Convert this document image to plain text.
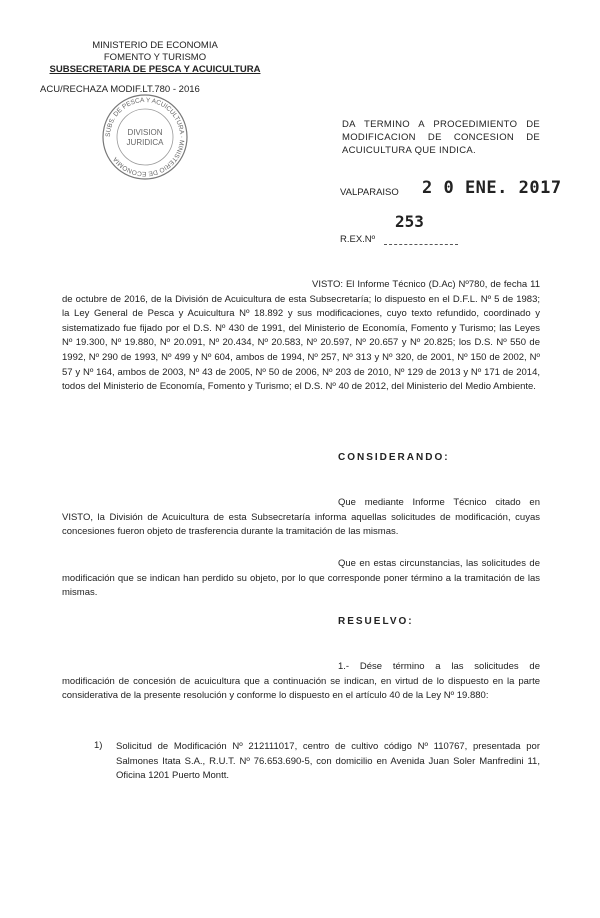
MINISTERIO DE ECONOMIA
FOMENTO Y TURISMO
SUBSECRETARIA DE PESCA Y ACUICULTURA
ACU/RECHAZA MODIF.LT.780 - 2016
SUBS. DE PESCA Y ACUICULTURA · MINISTERIO DE ECONOMIA
DIVISION
JURIDICA
DA TERMINO A PROCEDIMIENTO DE MODIFICACION DE CONCESION DE ACUICULTURA QUE INDICA.
VALPARAISO 2 0 ENE. 2017
253
R.EX.Nº
VISTO: El Informe Técnico (D.Ac) Nº780, de fecha 11 de octubre de 2016, de la División de Acuicultura de esta Subsecretaría; lo dispuesto en el D.F.L. Nº 5 de 1983; la Ley General de Pesca y Acuicultura Nº 18.892 y sus modificaciones, cuyo texto refundido, coordinado y sistematizado fue fijado por el D.S. Nº 430 de 1991, del Ministerio de Economía, Fomento y Turismo; las Leyes Nº 19.300, Nº 19.880, Nº 20.091, Nº 20.434, Nº 20.583, Nº 20.597, Nº 20.657 y Nº 20.825; los D.S. Nº 550 de 1992, Nº 290 de 1993, Nº 499 y Nº 604, ambos de 1994, Nº 257, Nº 313 y Nº 320, de 2001, Nº 150 de 2002, Nº 57 y Nº 164, ambos de 2003, Nº 43 de 2005, Nº 50 de 2006, Nº 203 de 2010, Nº 129 de 2013 y Nº 171 de 2014, todos del Ministerio de Economía, Fomento y Turismo; el D.S. Nº 40 de 2012, del Ministerio del Medio Ambiente.
CONSIDERANDO:
Que mediante Informe Técnico citado en VISTO, la División de Acuicultura de esta Subsecretaría informa aquellas solicitudes de modificación, cuyas concesiones fueron objeto de trasferencia durante la tramitación de las mismas.
Que en estas circunstancias, las solicitudes de modificación que se indican han perdido su objeto, por lo que corresponde poner término a la tramitación de las mismas.
RESUELVO:
1.- Dése término a las solicitudes de modificación de concesión de acuicultura que a continuación se indican, en virtud de lo dispuesto en la parte considerativa de la presente resolución y conforme lo dispuesto en el artículo 40 de la Ley Nº 19.880:
1) Solicitud de Modificación Nº 212111017, centro de cultivo código Nº 110767, presentada por Salmones Itata S.A., R.U.T. Nº 76.653.690-5, con domicilio en Avenida Juan Soler Manfredini 11, Oficina 1201 Puerto Montt.
